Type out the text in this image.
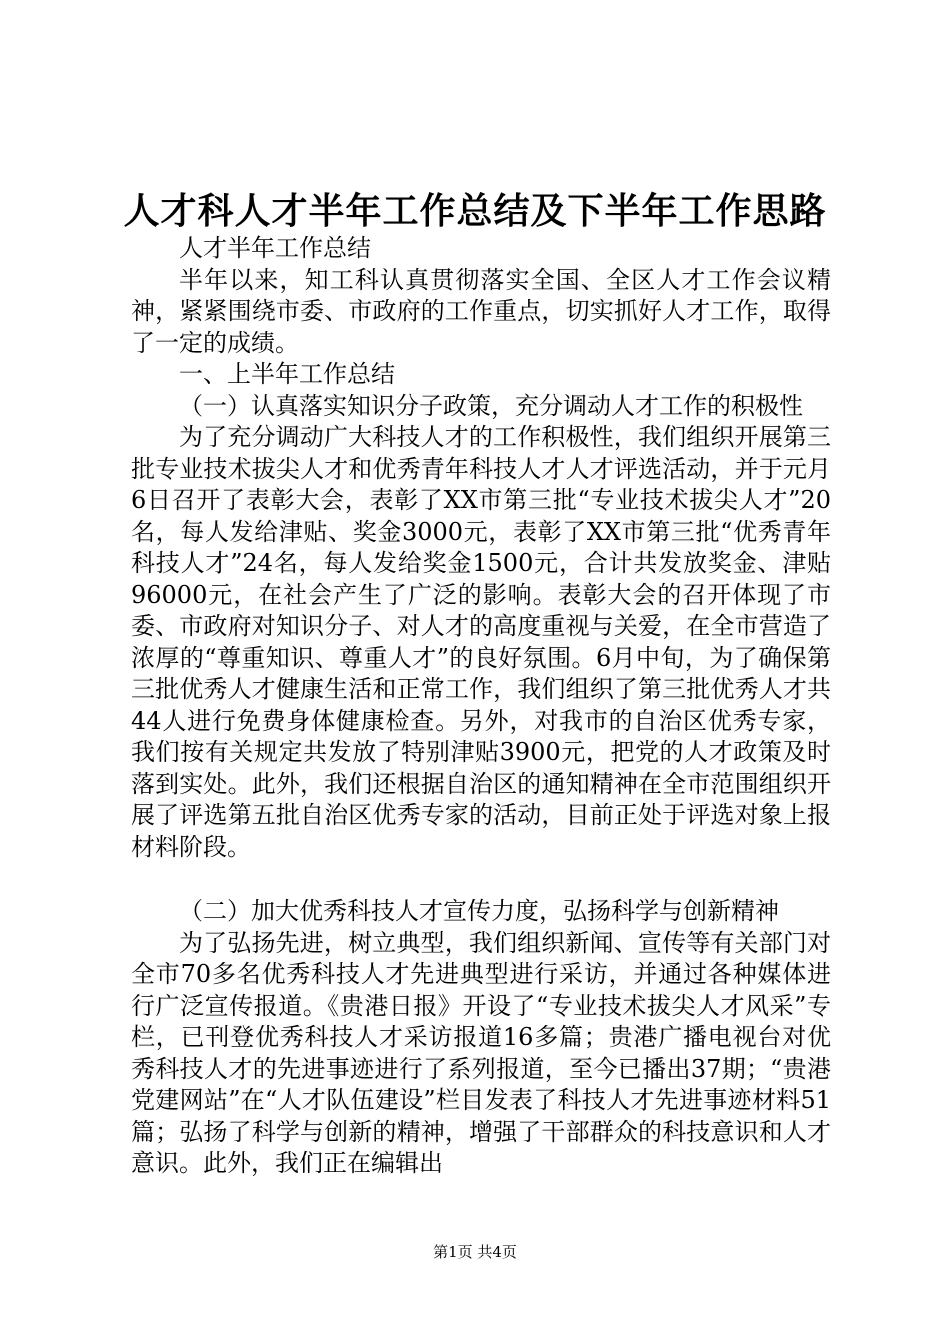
人才科人才半年工作总结及下半年工作思路

人才半年工作总结

半年以来，知工科认真贯彻落实全国、全区人才工作会议精神，紧紧围绕市委、市政府的工作重点，切实抓好人才工作，取得了一定的成绩。

一、上半年工作总结

（一）认真落实知识分子政策，充分调动人才工作的积极性

为了充分调动广大科技人才的工作积极性，我们组织开展第三批专业技术拔尖人才和优秀青年科技人才人才评选活动，并于元月6日召开了表彰大会，表彰了XX市第三批“专业技术拔尖人才”20名，每人发给津贴、奖金3000元，表彰了XX市第三批“优秀青年科技人才”24名，每人发给奖金1500元，合计共发放奖金、津贴96000元，在社会产生了广泛的影响。表彰大会的召开体现了市委、市政府对知识分子、对人才的高度重视与关爱，在全市营造了浓厚的“尊重知识、尊重人才”的良好氛围。6月中旬，为了确保第三批优秀人才健康生活和正常工作，我们组织了第三批优秀人才共44人进行免费身体健康检查。另外，对我市的自治区优秀专家，我们按有关规定共发放了特别津贴3900元，把党的人才政策及时落到实处。此外，我们还根据自治区的通知精神在全市范围组织开展了评选第五批自治区优秀专家的活动，目前正处于评选对象上报材料阶段。

（二）加大优秀科技人才宣传力度，弘扬科学与创新精神

为了弘扬先进，树立典型，我们组织新闻、宣传等有关部门对全市70多名优秀科技人才先进典型进行采访，并通过各种媒体进行广泛宣传报道。《贵港日报》开设了“专业技术拔尖人才风采”专栏，已刊登优秀科技人才采访报道16多篇；贵港广播电视台对优秀科技人才的先进事迹进行了系列报道，至今已播出37期；“贵港党建网站”在“人才队伍建设”栏目发表了科技人才先进事迹材料51篇；弘扬了科学与创新的精神，增强了干部群众的科技意识和人才意识。此外，我们正在编辑出

第1页 共4页
